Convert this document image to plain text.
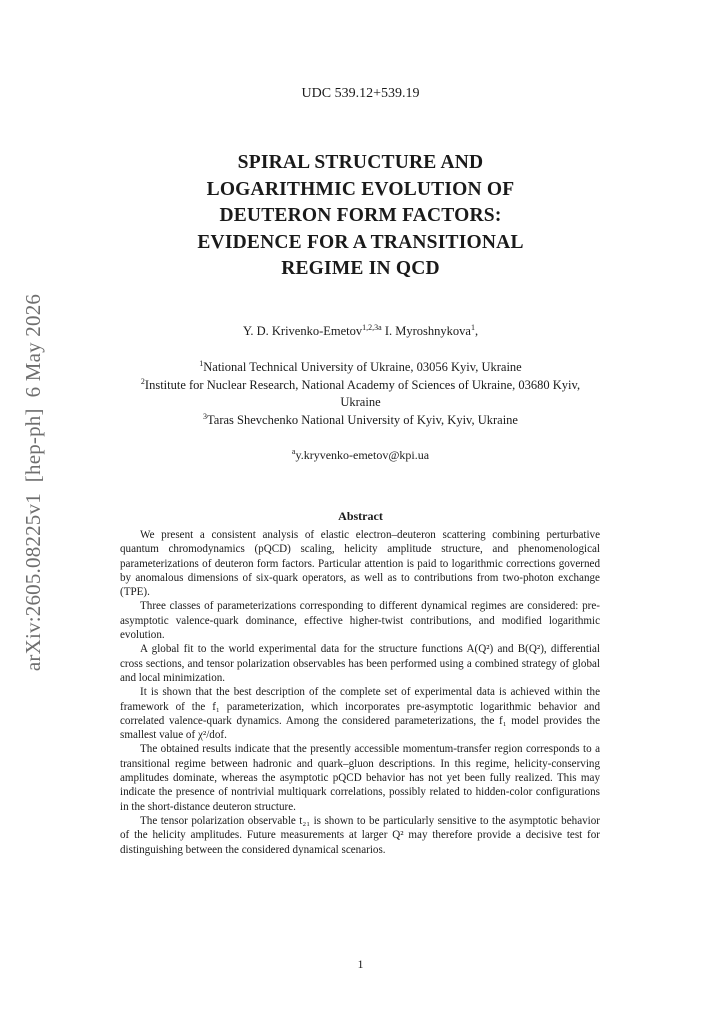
arXiv:2605.08225v1  [hep-ph]  6 May 2026
UDC 539.12+539.19
SPIRAL STRUCTURE AND
LOGARITHMIC EVOLUTION OF
DEUTERON FORM FACTORS:
EVIDENCE FOR A TRANSITIONAL
REGIME IN QCD
Y. D. Krivenko-Emetov$^{1,2,3a}$ I. Myroshnykova$^1$,
$^1$National Technical University of Ukraine, 03056 Kyiv, Ukraine
$^2$Institute for Nuclear Research, National Academy of Sciences of Ukraine, 03680 Kyiv,
Ukraine
$^3$Taras Shevchenko National University of Kyiv, Kyiv, Ukraine
$^a$y.kryvenko-emetov@kpi.ua
Abstract

We present a consistent analysis of elastic electron–deuteron scattering combining perturbative quantum chromodynamics (pQCD) scaling, helicity amplitude structure, and phenomenological parameterizations of deuteron form factors. Particular attention is paid to logarithmic corrections governed by anomalous dimensions of six-quark operators, as well as to contributions from two-photon exchange (TPE).

Three classes of parameterizations corresponding to different dynamical regimes are considered: pre-asymptotic valence-quark dominance, effective higher-twist contributions, and modified logarithmic evolution.

A global fit to the world experimental data for the structure functions A(Q²) and B(Q²), differential cross sections, and tensor polarization observables has been performed using a combined strategy of global and local minimization.

It is shown that the best description of the complete set of experimental data is achieved within the framework of the f₁ parameterization, which incorporates pre-asymptotic logarithmic behavior and correlated valence-quark dynamics. Among the considered parameterizations, the f₁ model provides the smallest value of χ²/dof.

The obtained results indicate that the presently accessible momentum-transfer region corresponds to a transitional regime between hadronic and quark–gluon descriptions. In this regime, helicity-conserving amplitudes dominate, whereas the asymptotic pQCD behavior has not yet been fully realized. This may indicate the presence of nontrivial multiquark correlations, possibly related to hidden-color configurations in the short-distance deuteron structure.

The tensor polarization observable t₂₁ is shown to be particularly sensitive to the asymptotic behavior of the helicity amplitudes. Future measurements at larger Q² may therefore provide a decisive test for distinguishing between the considered dynamical scenarios.

1
